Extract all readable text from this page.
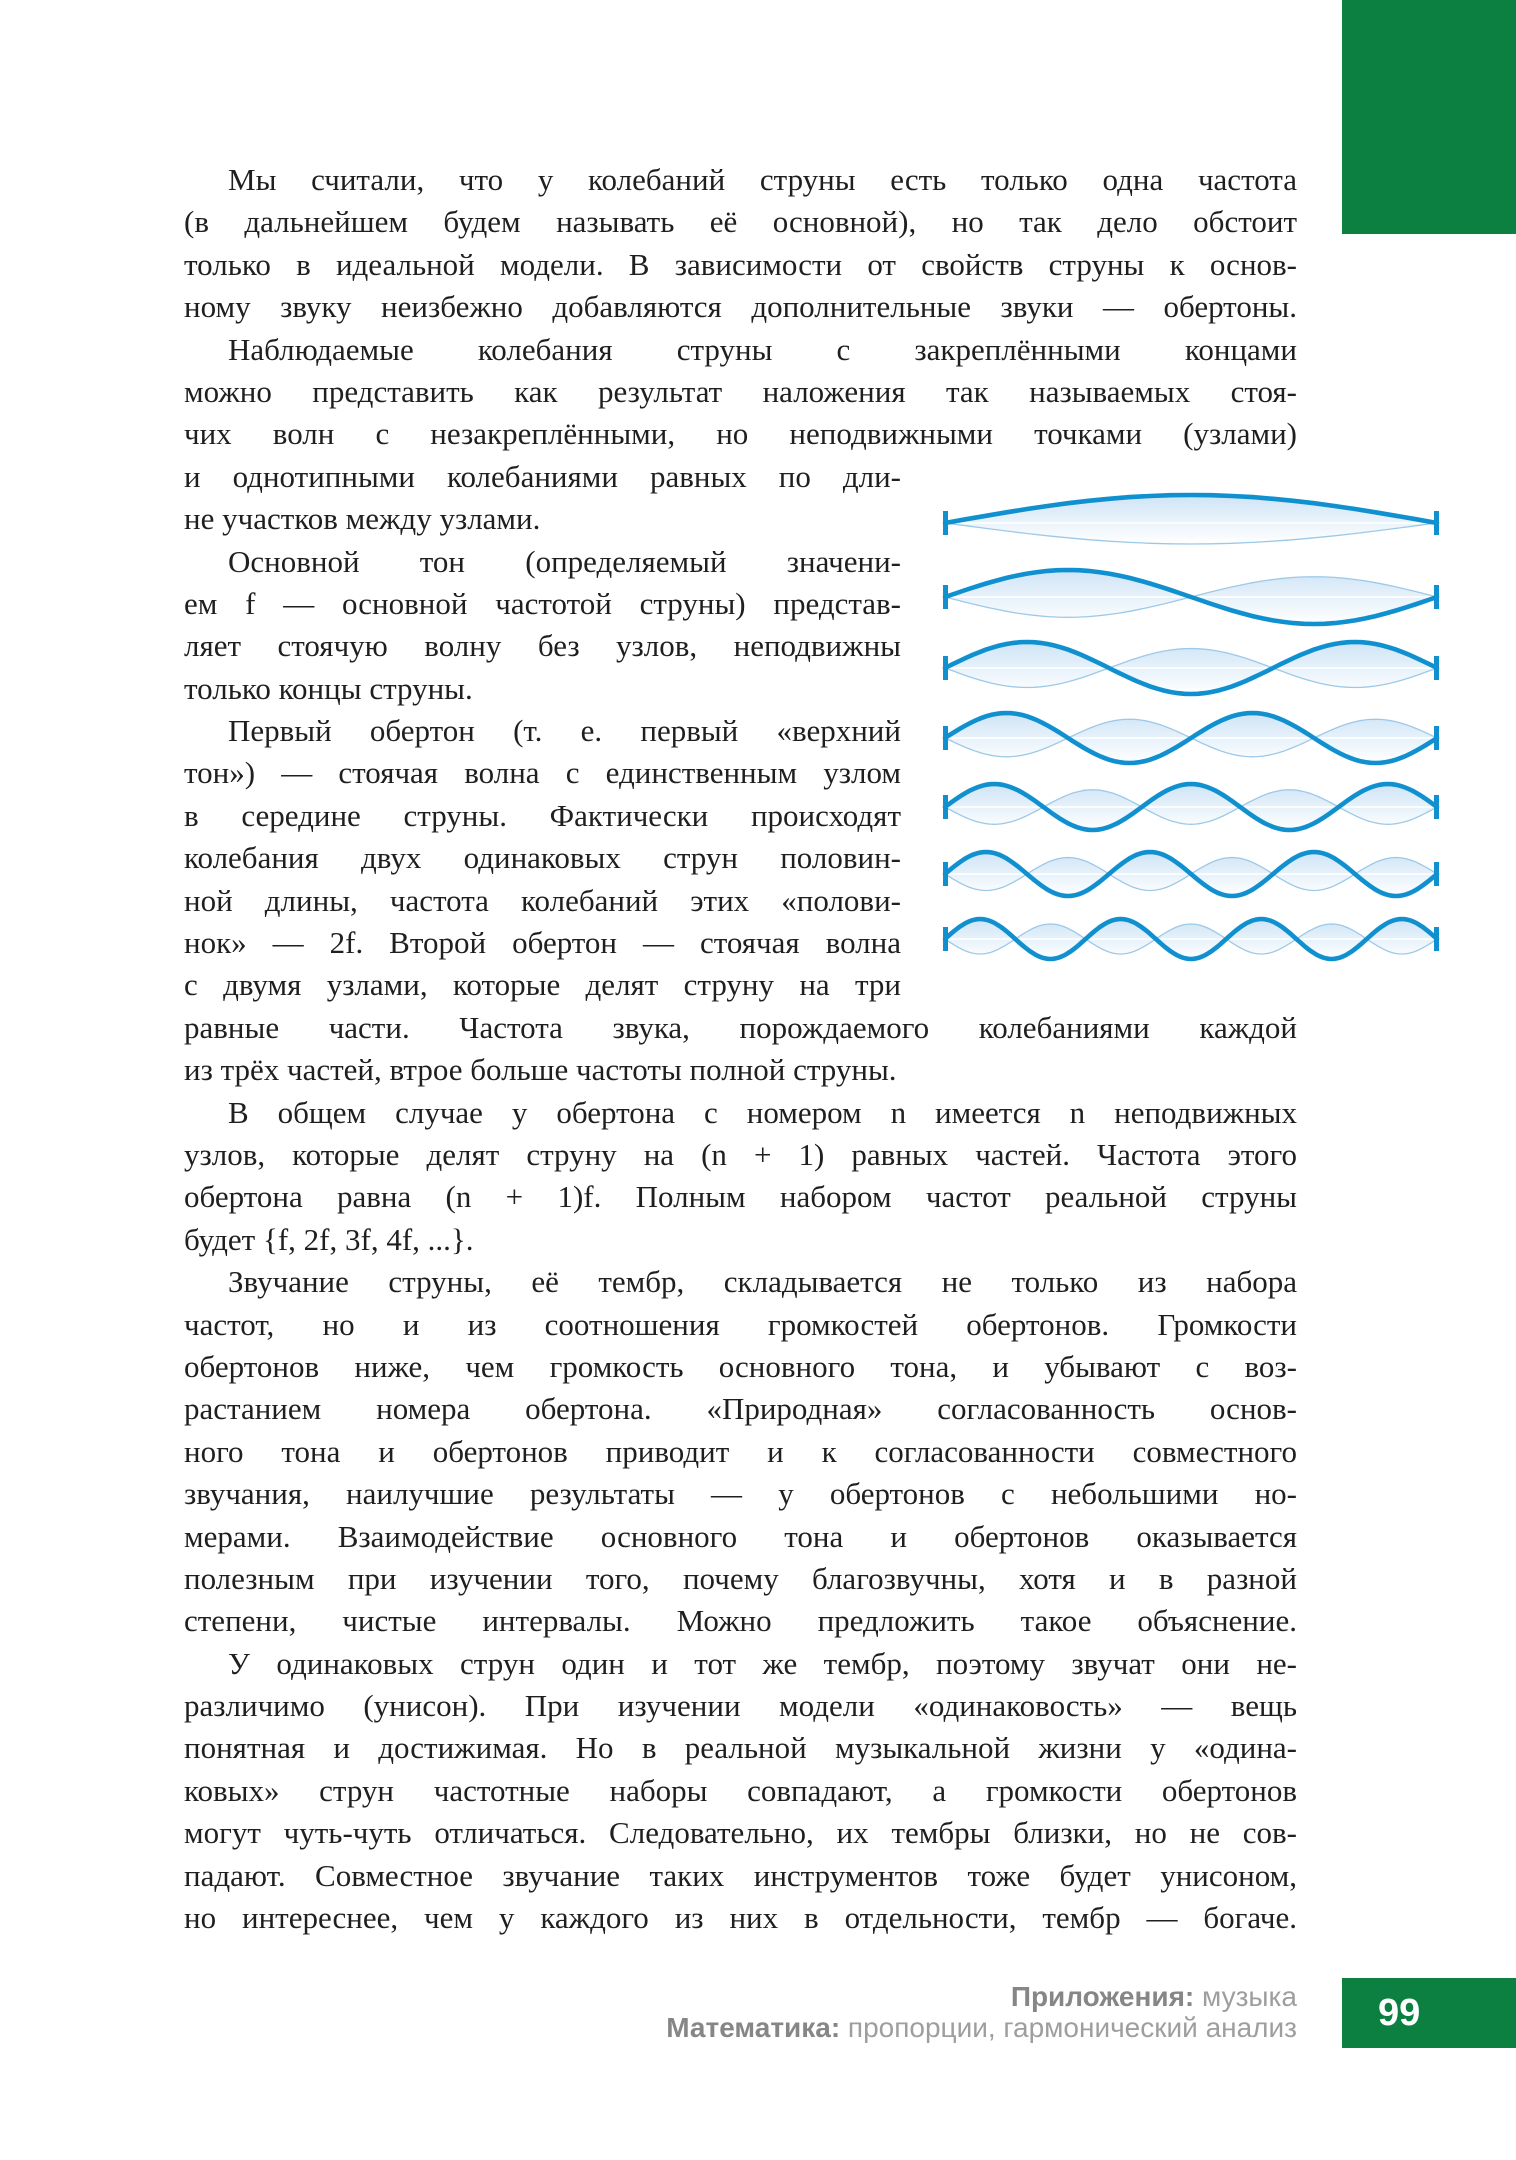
Мы считали, что у колебаний струны есть только одна частота
(в дальнейшем будем называть её основной), но так дело обстоит
только в идеальной модели. В зависимости от свойств струны к основ-
ному звуку неизбежно добавляются дополнительные звуки — обертоны.
Наблюдаемые колебания струны с закреплёнными концами
можно представить как результат наложения так называемых стоя-
чих волн с незакреплёнными, но неподвижными точками (узлами)
и однотипными колебаниями равных по дли-
не участков между узлами.
Основной тон (определяемый значени-
ем f — основной частотой струны) представ-
ляет стоячую волну без узлов, неподвижны
только концы струны.
Первый обертон (т. е. первый «верхний
тон») — стоячая волна с единственным узлом
в середине струны. Фактически происходят
колебания двух одинаковых струн половин-
ной длины, частота колебаний этих «полови-
нок» — 2f. Второй обертон — стоячая волна
с двумя узлами, которые делят струну на три
равные части. Частота звука, порождаемого колебаниями каждой
из трёх частей, втрое больше частоты полной струны.
В общем случае у обертона с номером n имеется n неподвижных
узлов, которые делят струну на (n + 1) равных частей. Частота этого
обертона равна (n + 1)f. Полным набором частот реальной струны
будет {f, 2f, 3f, 4f, ...}.
Звучание струны, её тембр, складывается не только из набора
частот, но и из соотношения громкостей обертонов. Громкости
обертонов ниже, чем громкость основного тона, и убывают с воз-
растанием номера обертона. «Природная» согласованность основ-
ного тона и обертонов приводит и к согласованности совместного
звучания, наилучшие результаты — у обертонов с небольшими но-
мерами. Взаимодействие основного тона и обертонов оказывается
полезным при изучении того, почему благозвучны, хотя и в разной
степени, чистые интервалы. Можно предложить такое объяснение.
У одинаковых струн один и тот же тембр, поэтому звучат они не-
различимо (унисон). При изучении модели «одинаковость» — вещь
понятная и достижимая. Но в реальной музыкальной жизни у «одина-
ковых» струн частотные наборы совпадают, а громкости обертонов
могут чуть-чуть отличаться. Следовательно, их тембры близки, но не сов-
падают. Совместное звучание таких инструментов тоже будет унисоном,
но интереснее, чем у каждого из них в отдельности, тембр — богаче.
Приложения: музыка
Математика: пропорции, гармонический анализ	99
